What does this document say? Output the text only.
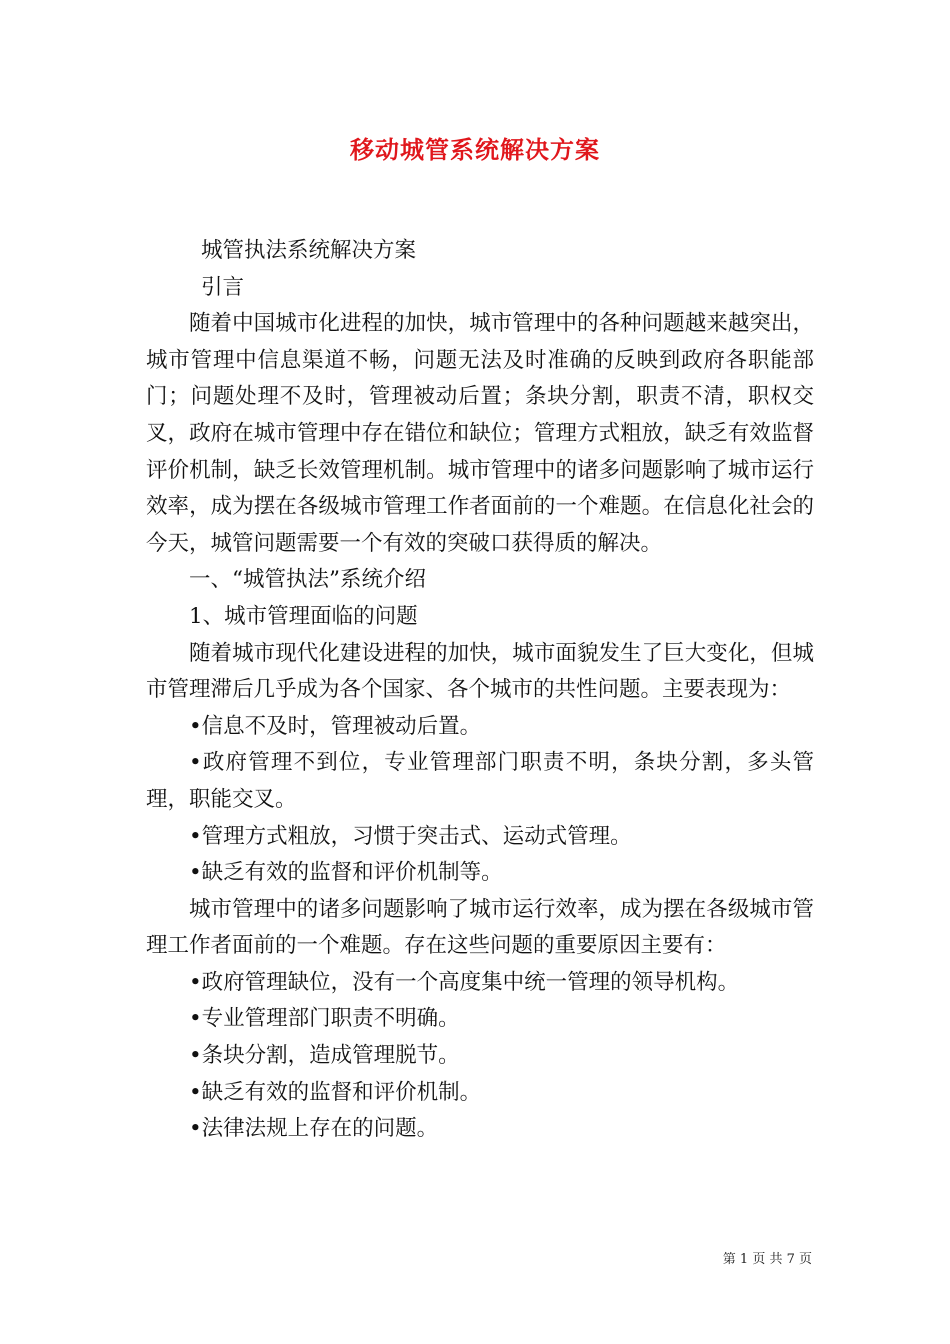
移动城管系统解决方案

城管执法系统解决方案

引言

随着中国城市化进程的加快，城市管理中的各种问题越来越突出，城市管理中信息渠道不畅，问题无法及时准确的反映到政府各职能部门；问题处理不及时，管理被动后置；条块分割，职责不清，职权交叉，政府在城市管理中存在错位和缺位；管理方式粗放，缺乏有效监督评价机制，缺乏长效管理机制。城市管理中的诸多问题影响了城市运行效率，成为摆在各级城市管理工作者面前的一个难题。在信息化社会的今天，城管问题需要一个有效的突破口获得质的解决。

一、“城管执法”系统介绍

1、城市管理面临的问题

随着城市现代化建设进程的加快，城市面貌发生了巨大变化，但城市管理滞后几乎成为各个国家、各个城市的共性问题。主要表现为：

•信息不及时，管理被动后置。

•政府管理不到位，专业管理部门职责不明，条块分割，多头管理，职能交叉。

•管理方式粗放，习惯于突击式、运动式管理。

•缺乏有效的监督和评价机制等。

城市管理中的诸多问题影响了城市运行效率，成为摆在各级城市管理工作者面前的一个难题。存在这些问题的重要原因主要有：

•政府管理缺位，没有一个高度集中统一管理的领导机构。

•专业管理部门职责不明确。

•条块分割，造成管理脱节。

•缺乏有效的监督和评价机制。

•法律法规上存在的问题。

第 1 页 共 7 页
